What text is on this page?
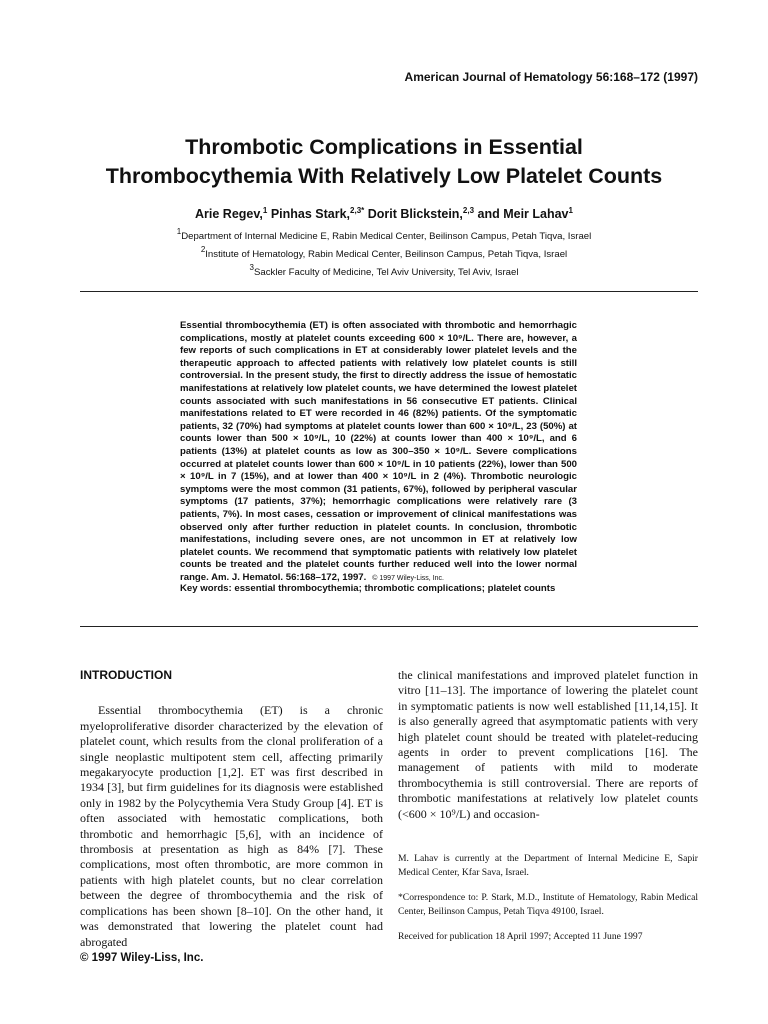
American Journal of Hematology 56:168–172 (1997)
Thrombotic Complications in Essential
Thrombocythemia With Relatively Low Platelet Counts
Arie Regev,$^1$ Pinhas Stark,$^{2,3*}$ Dorit Blickstein,$^{2,3}$ and Meir Lahav$^1$
$^1$Department of Internal Medicine E, Rabin Medical Center, Beilinson Campus, Petah Tiqva, Israel
$^2$Institute of Hematology, Rabin Medical Center, Beilinson Campus, Petah Tiqva, Israel
$^3$Sackler Faculty of Medicine, Tel Aviv University, Tel Aviv, Israel

Essential thrombocythemia (ET) is often associated with thrombotic and hemorrhagic complications, mostly at platelet counts exceeding 600 × 10⁹/L. There are, however, a few reports of such complications in ET at considerably lower platelet levels and the therapeutic approach to affected patients with relatively low platelet counts is still controversial. In the present study, the first to directly address the issue of hemostatic manifestations at relatively low platelet counts, we have determined the lowest platelet counts associated with such manifestations in 56 consecutive ET patients. Clinical manifestations related to ET were recorded in 46 (82%) patients. Of the symptomatic patients, 32 (70%) had symptoms at platelet counts lower than 600 × 10⁹/L, 23 (50%) at counts lower than 500 × 10⁹/L, 10 (22%) at counts lower than 400 × 10⁹/L, and 6 patients (13%) at platelet counts as low as 300–350 × 10⁹/L. Severe complications occurred at platelet counts lower than 600 × 10⁹/L in 10 patients (22%), lower than 500 × 10⁹/L in 7 (15%), and at lower than 400 × 10⁹/L in 2 (4%). Thrombotic neurologic symptoms were the most common (31 patients, 67%), followed by peripheral vascular symptoms (17 patients, 37%); hemorrhagic complications were relatively rare (3 patients, 7%). In most cases, cessation or improvement of clinical manifestations was observed only after further reduction in platelet counts. In conclusion, thrombotic manifestations, including severe ones, are not uncommon in ET at relatively low platelet counts. We recommend that symptomatic patients with relatively low platelet counts be treated and the platelet counts further reduced well into the lower normal range. Am. J. Hematol. 56:168–172, 1997. © 1997 Wiley-Liss, Inc.

Key words: essential thrombocythemia; thrombotic complications; platelet counts
INTRODUCTION

Essential thrombocythemia (ET) is a chronic myeloproliferative disorder characterized by the elevation of platelet count, which results from the clonal proliferation of a single neoplastic multipotent stem cell, affecting primarily megakaryocyte production [1,2]. ET was first described in 1934 [3], but firm guidelines for its diagnosis were established only in 1982 by the Polycythemia Vera Study Group [4]. ET is often associated with hemostatic complications, both thrombotic and hemorrhagic [5,6], with an incidence of thrombosis at presentation as high as 84% [7]. These complications, most often thrombotic, are more common in patients with high platelet counts, but no clear correlation between the degree of thrombocythemia and the risk of complications has been shown [8–10]. On the other hand, it was demonstrated that lowering the platelet count had abrogated

the clinical manifestations and improved platelet function in vitro [11–13]. The importance of lowering the platelet count in symptomatic patients is now well established [11,14,15]. It is also generally agreed that asymptomatic patients with very high platelet count should be treated with platelet-reducing agents in order to prevent complications [16]. The management of patients with mild to moderate thrombocythemia is still controversial. There are reports of thrombotic manifestations at relatively low platelet counts (<600 × 10⁹/L) and occasion-

M. Lahav is currently at the Department of Internal Medicine E, Sapir Medical Center, Kfar Sava, Israel.

*Correspondence to: P. Stark, M.D., Institute of Hematology, Rabin Medical Center, Beilinson Campus, Petah Tiqva 49100, Israel.

Received for publication 18 April 1997; Accepted 11 June 1997

© 1997 Wiley-Liss, Inc.
